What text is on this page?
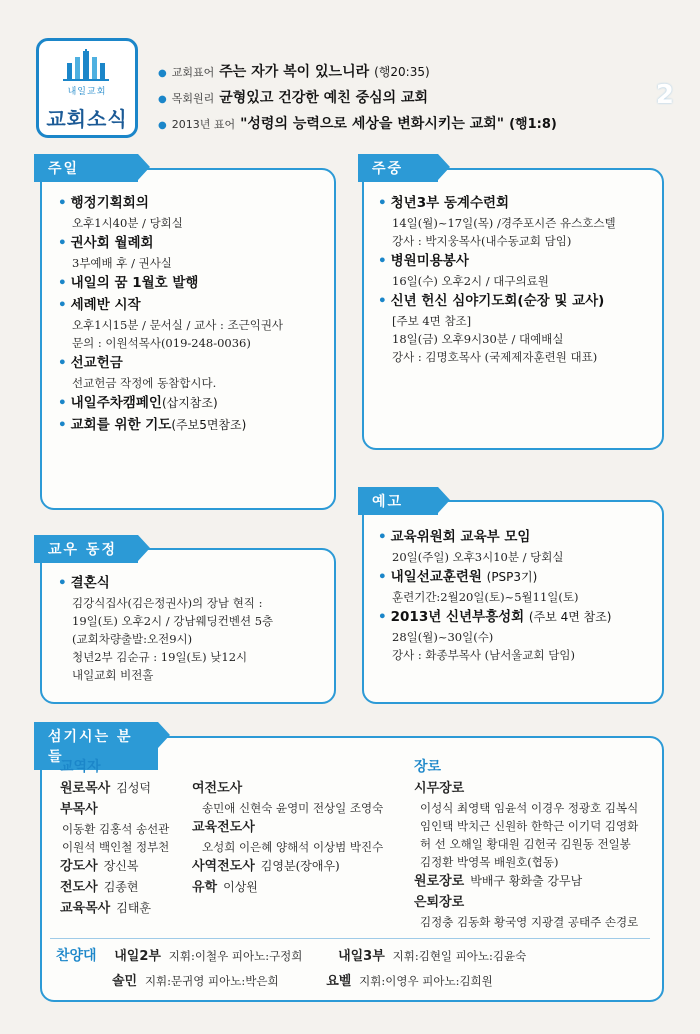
2
내일교회
교회소식
● 교회표어 주는 자가 복이 있느니라 (행20:35)
● 목회원리 균형있고 건강한 예친 중심의 교회
● 2013년 표어 "성령의 능력으로 세상을 변화시키는 교회" (행1:8)
주일
• 행정기획회의
오후1시40분 / 당회실
• 권사회 월례회
3부예배 후 / 권사실
• 내일의 꿈 1월호 발행
• 세례반 시작
오후1시15분 / 문서실 / 교사 : 조근익권사
문의 : 이원석목사(019-248-0036)
• 선교헌금
선교헌금 작정에 동참합시다.
• 내일주차캠페인(삽지참조)
• 교회를 위한 기도(주보5면참조)
주중
• 청년3부 동계수련회
14일(월)~17일(목) /경주포시즌 유스호스텔
강사 : 박지웅목사(내수동교회 담임)
• 병원미용봉사
16일(수) 오후2시 / 대구의료원
• 신년 헌신 심야기도회(순장 및 교사)
[주보 4면 참조]
18일(금) 오후9시30분 / 대예배실
강사 : 김명호목사 (국제제자훈련원 대표)
교우 동정
• 결혼식
김강식집사(김은정권사)의 장남 현직 :
19일(토) 오후2시 / 강남웨딩컨벤션 5층
(교회차량출발:오전9시)
청년2부 김순규 : 19일(토) 낮12시
내일교회 비전홀
예고
• 교육위원회 교육부 모임
20일(주일) 오후3시10분 / 당회실
• 내일선교훈련원 (PSP3기)
훈련기간:2월20일(토)~5월11일(토)
• 2013년 신년부흥성회 (주보 4면 참조)
28일(월)~30일(수)
강사 : 화종부목사 (남서울교회 담임)
섬기시는 분들
교역자
원로목사 김성덕
부목사
이동환 김홍석 송선관
이원석 백인철 정부천
강도사 장신복
전도사 김종현
교육목사 김태훈
여전도사
송민애 신현숙 윤영미 전상일 조영숙
교육전도사
오성희 이은혜 양해석 이상범 박진수
사역전도사 김영분(장애우)
유학 이상원
장로
시무장로
이성식 최영택 임윤석 이경우 정광호 김복식
임인택 박치근 신원하 한학근 이기덕 김영화
허 선 오해일 황대원 김헌국 김원동 전일봉
김정환 박영목 배원호(협동)
원로장로 박배구 황화출 강무남
은퇴장로
김정충 김동화 황국영 지광결 공태주 손경로
찬양대 내일2부 지휘:이철우 피아노:구정희	내일3부 지휘:김현일 피아노:김윤숙
솔민 지휘:문귀영 피아노:박은희	요벨 지휘:이영우 피아노:김희원
